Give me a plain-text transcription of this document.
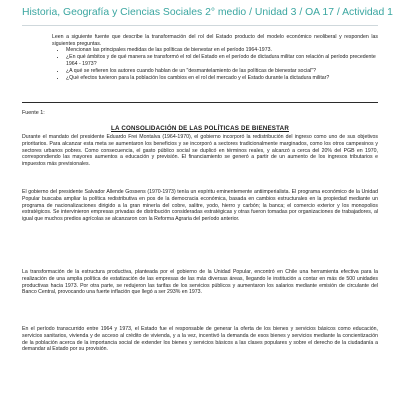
Historia, Geografía y Ciencias Sociales 2° medio / Unidad 3 / OA 17 / Actividad 1
Leen a siguiente fuente que describe la transformación del rol del Estado producto del modelo económico neoliberal y responden las siguientes preguntas.
• Mencionan las principales medidas de las políticas de bienestar en el período 1964-1973.
• ¿En qué ámbitos y de qué manera se transformó el rol del Estado en el período de dictadura militar con relación al período precedente 1964 - 1973?
• ¿A qué se refieren los autores cuando hablan de un "desmantelamiento de las políticas de bienestar social"?
• ¿Qué efectos tuvieron para la población los cambios en el rol del mercado y el Estado durante la dictadura militar?
Fuente 1:
LA CONSOLIDACIÓN DE LAS POLÍTICAS DE BIENESTAR

Durante el mandato del presidente Eduardo Frei Montalva (1964-1970), el gobierno incorporó la redistribución del ingreso como uno de sus objetivos prioritarios. Para alcanzar esta meta se aumentaron los beneficios y se incorporó a sectores tradicionalmente marginados, como los otros campesinos y sectores urbanos pobres. Como consecuencia, el gasto público social se duplicó en términos reales, y alcanzó a cerca del 20% del PGB en 1970, correspondiendo las mayores aumentos a educación y previsión. El financiamiento se generó a partir de un aumento de los ingresos tributarios e impuestos más previsionales.

El gobierno del presidente Salvador Allende Gossens (1970-1973) tenía un espíritu eminentemente antiimperialista. El programa económico de la Unidad Popular buscaba ampliar la política redistributiva en pos de la democracia económica, basada en cambios estructurales en la propiedad mediante un programa de nacionalizaciones dirigido a la gran minería del cobre, salitre, yodo, hierro y carbón; la banca; el comercio exterior y los monopolios estratégicos. Se intervinieron empresas privadas de distribución consideradas estratégicas y otras fueron tomadas por organizaciones de trabajadores, al igual que muchos predios agrícolas se alcanzaron con la Reforma Agraria del período anterior.

La transformación de la estructura productiva, planteada por el gobierno de la Unidad Popular, encontró en Chile una herramienta efectiva para la realización de una amplia política de estatización de las empresas de las más diversas áreas, llegando le institución a contar en más de 500 unidades productivas hacia 1973. Por otra parte, se redujeron las tarifas de los servicios públicos y aumentaron los salarios mediante emisión de circulante del Banco Central, provocando una fuerte inflación que llegó a ser 293% en 1973.

En el período transcurrido entre 1964 y 1973, el Estado fue el responsable de generar la oferta de los bienes y servicios básicos como educación, servicios sanitarios, vivienda y de acceso al crédito de vivienda, y a la vez, incentivó la demanda de esos bienes y servicios mediante la concientización de la población acerca de la importancia social de extender los bienes y servicios básicos a las clases populares y sobre el derecho de la ciudadanía a demandar al Estado por su provisión.
